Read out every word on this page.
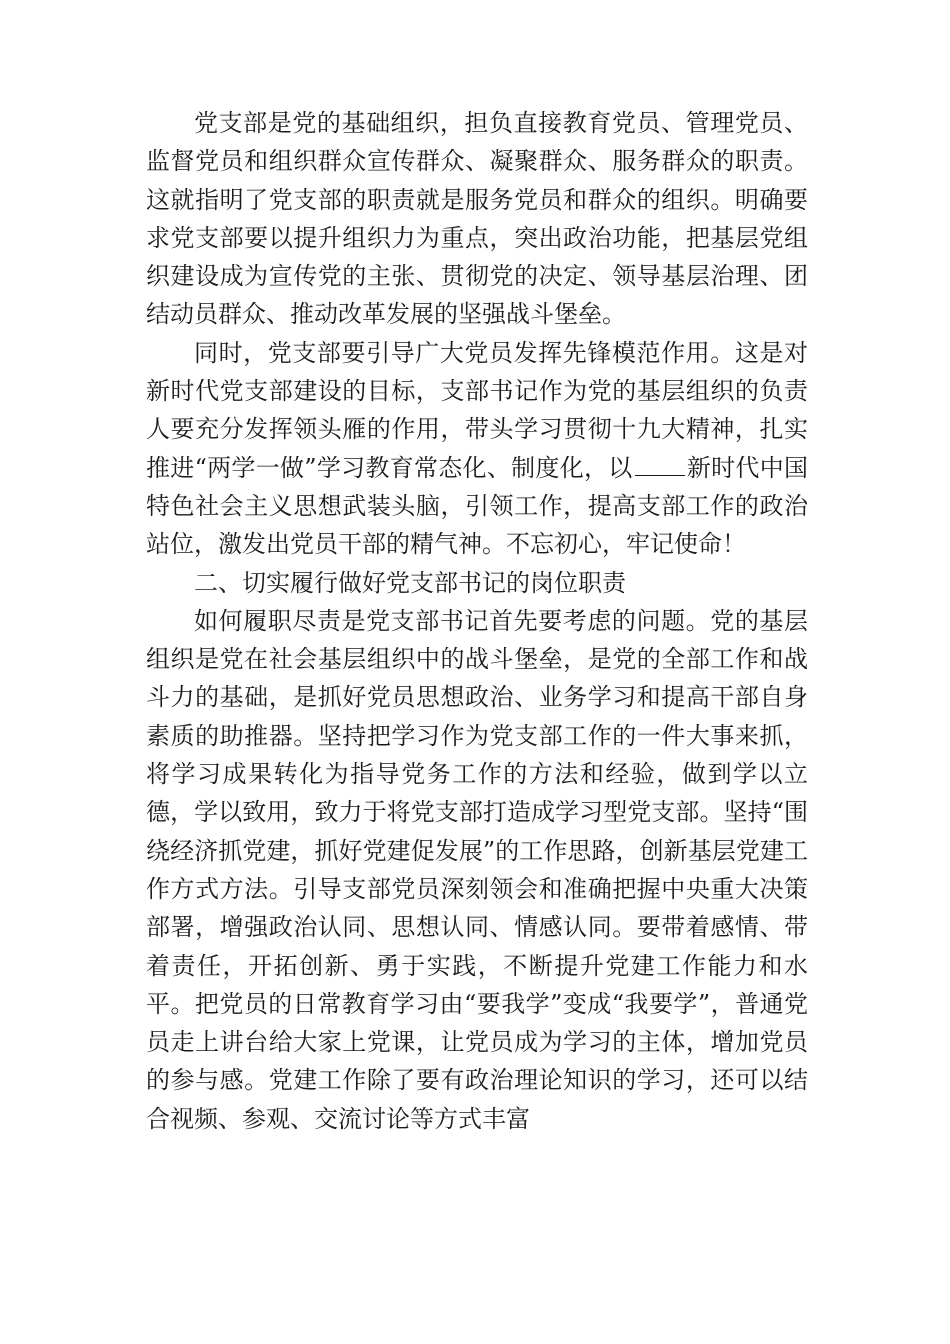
党支部是党的基础组织，担负直接教育党员、管理党员、监督党员和组织群众宣传群众、凝聚群众、服务群众的职责。这就指明了党支部的职责就是服务党员和群众的组织。明确要求党支部要以提升组织力为重点，突出政治功能，把基层党组织建设成为宣传党的主张、贯彻党的决定、领导基层治理、团结动员群众、推动改革发展的坚强战斗堡垒。

同时，党支部要引导广大党员发挥先锋模范作用。这是对新时代党支部建设的目标，支部书记作为党的基层组织的负责人要充分发挥领头雁的作用，带头学习贯彻十九大精神，扎实推进“两学一做”学习教育常态化、制度化，以 新时代中国特色社会主义思想武装头脑，引领工作，提高支部工作的政治站位，激发出党员干部的精气神。不忘初心，牢记使命！

二、切实履行做好党支部书记的岗位职责

如何履职尽责是党支部书记首先要考虑的问题。党的基层组织是党在社会基层组织中的战斗堡垒，是党的全部工作和战斗力的基础，是抓好党员思想政治、业务学习和提高干部自身素质的助推器。坚持把学习作为党支部工作的一件大事来抓，将学习成果转化为指导党务工作的方法和经验，做到学以立德，学以致用，致力于将党支部打造成学习型党支部。坚持“围绕经济抓党建，抓好党建促发展”的工作思路，创新基层党建工作方式方法。引导支部党员深刻领会和准确把握中央重大决策部署，增强政治认同、思想认同、情感认同。要带着感情、带着责任，开拓创新、勇于实践，不断提升党建工作能力和水平。把党员的日常教育学习由“要我学”变成“我要学”，普通党员走上讲台给大家上党课，让党员成为学习的主体，增加党员的参与感。党建工作除了要有政治理论知识的学习，还可以结合视频、参观、交流讨论等方式丰富
